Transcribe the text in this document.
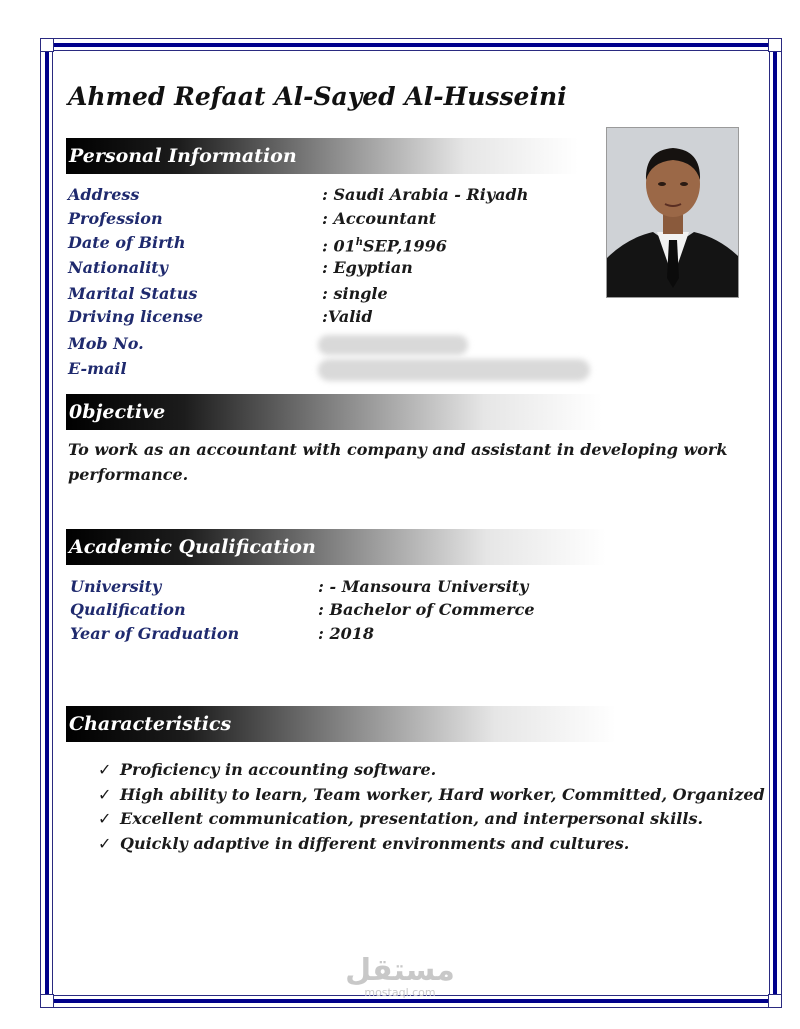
Ahmed Refaat Al-Sayed Al-Husseini
Personal Information
Address	: Saudi Arabia - Riyadh
Profession	: Accountant
Date of Birth	: 01$^h$SEP,1996
Nationality	: Egyptian
Marital Status	: single
Driving license	:Valid
Mob No.
E-mail
0bjective
To work as an accountant with company and assistant in developing work performance.
Academic Qualification
University	: - Mansoura University
Qualification	: Bachelor of Commerce
Year of Graduation	: 2018
Characteristics
✓ Proficiency in accounting software.
✓ High ability to learn, Team worker, Hard worker, Committed, Organized
✓ Excellent communication, presentation, and interpersonal skills.
✓ Quickly adaptive in different environments and cultures.
مستقل
mostaql.com
